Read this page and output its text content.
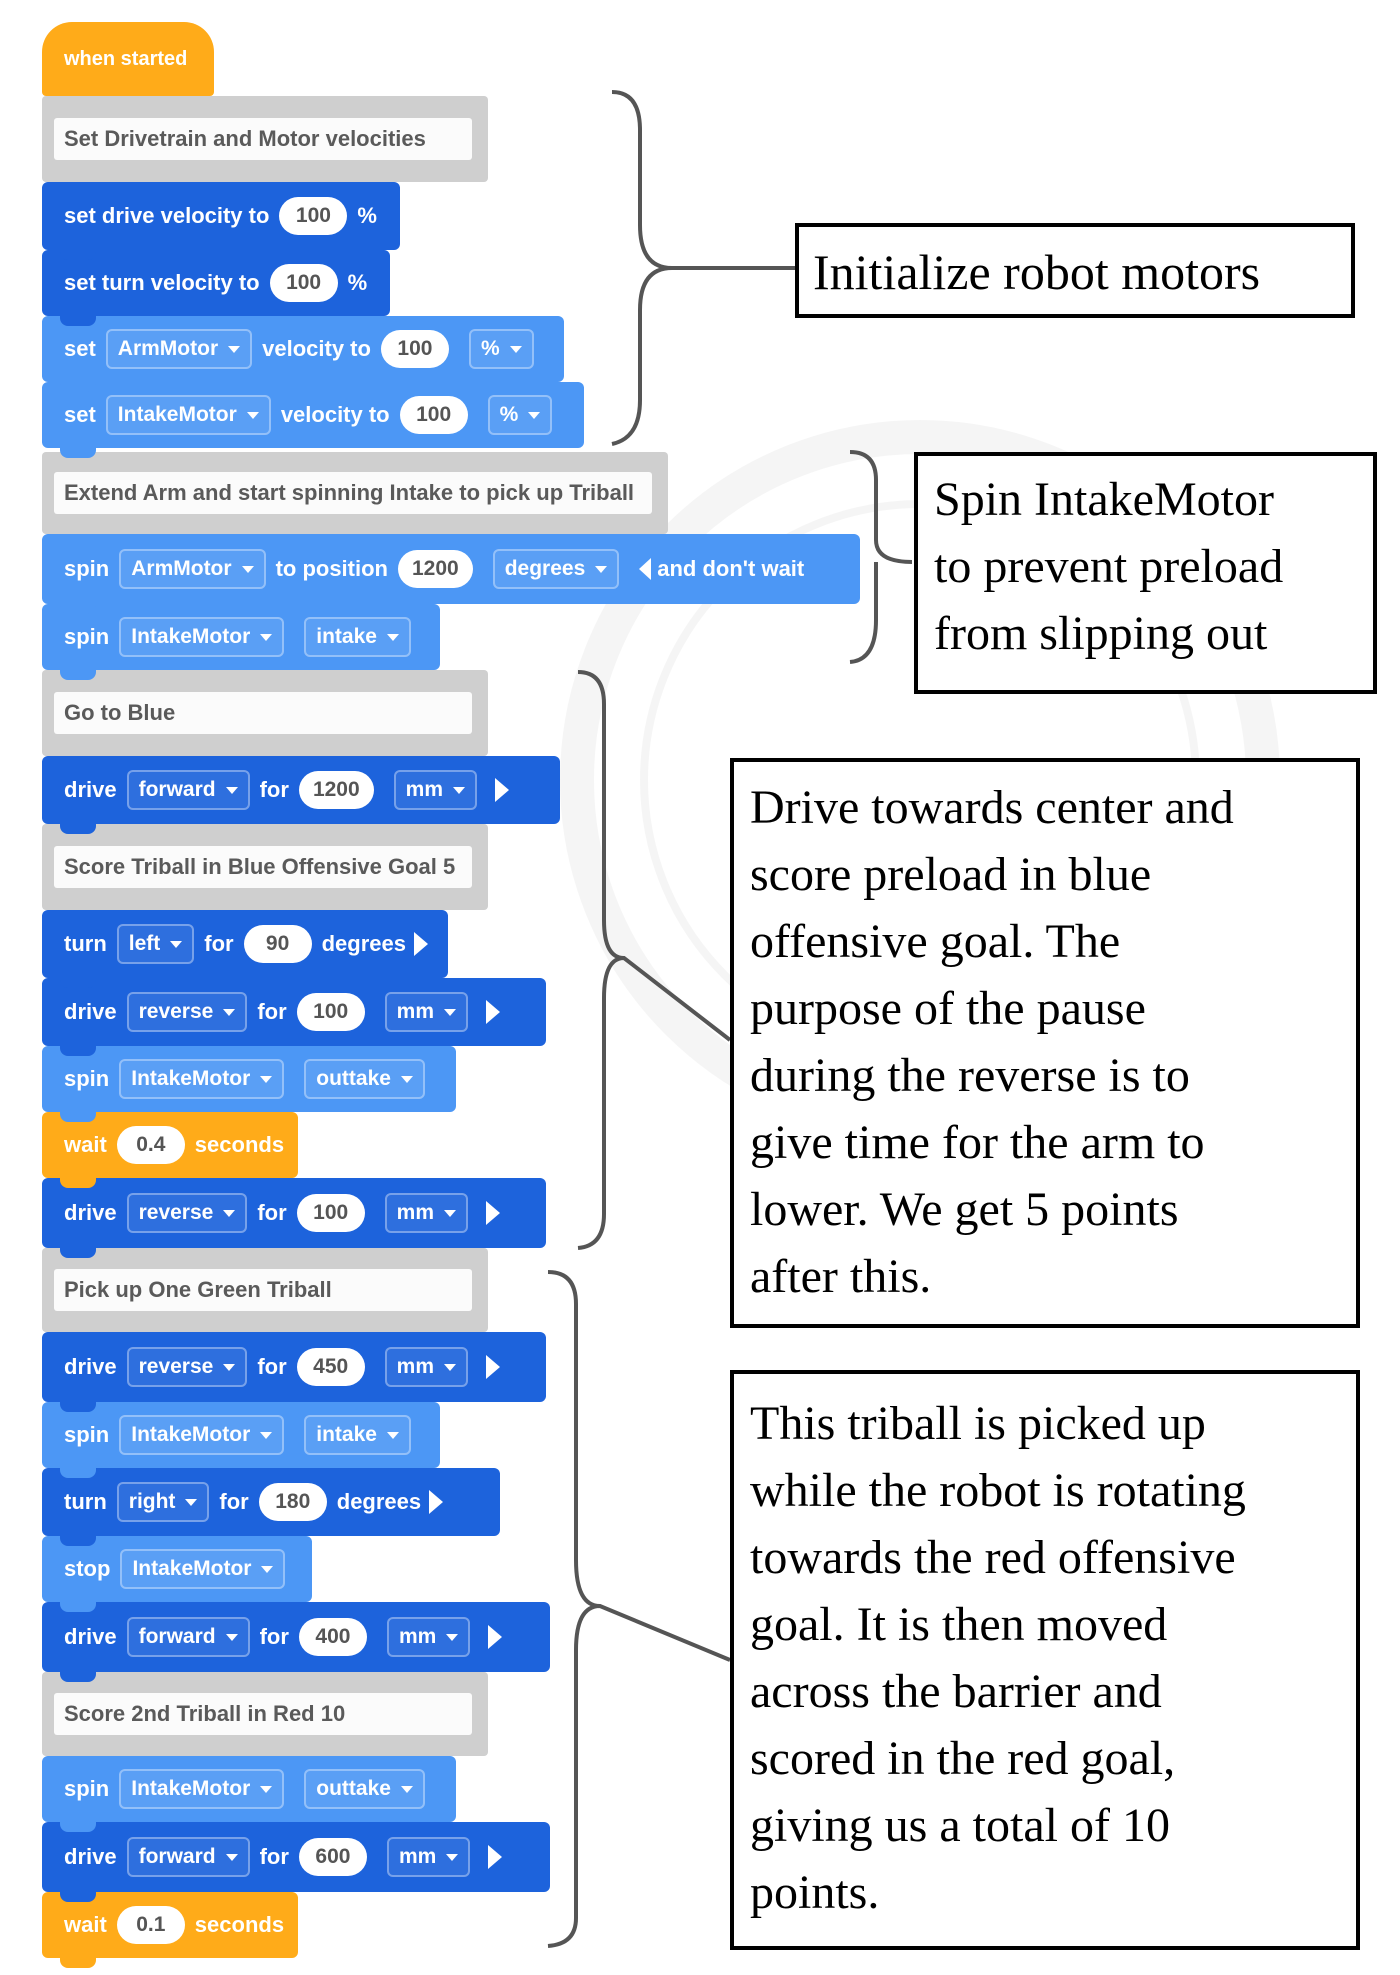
when started
Set Drivetrain and Motor velocities
set drive velocity to	100	%
set turn velocity to	100	%
set ArmMotor velocity to	100	%
set IntakeMotor velocity to	100	%
Extend Arm and start spinning Intake to pick up Triball
spin ArmMotor to position	1200	degrees	and don't wait
spin IntakeMotor	intake
Go to Blue
drive forward for	1200	mm
Score Triball in Blue Offensive Goal 5
turn left for	90	degrees
drive reverse for	100	mm
spin IntakeMotor	outtake
wait	0.4	seconds
drive reverse for	100	mm
Pick up One Green Triball
drive reverse for	450	mm
spin IntakeMotor	intake
turn right for	180	degrees
stop IntakeMotor
drive forward for	400	mm
Score 2nd Triball in Red 10
spin IntakeMotor	outtake
drive forward for	600	mm
wait	0.1	seconds
Initialize robot motors
Spin IntakeMotor
to prevent preload
from slipping out
Drive towards center and
score preload in blue
offensive goal. The
purpose of the pause
during the reverse is to
give time for the arm to
lower. We get 5 points
after this.
This triball is picked up
while the robot is rotating
towards the red offensive
goal. It is then moved
across the barrier and
scored in the red goal,
giving us a total of 10
points.
